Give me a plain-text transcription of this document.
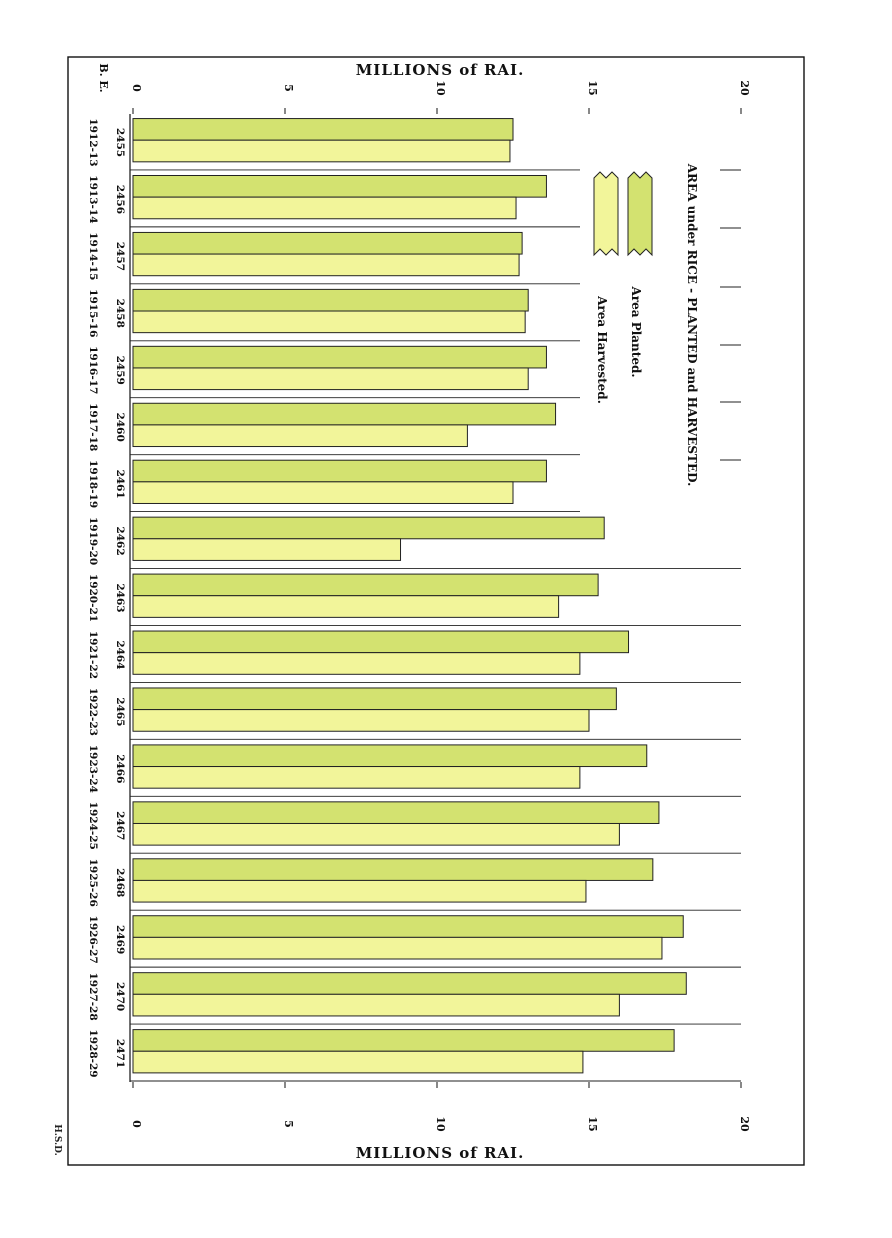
0
0
5
5
10
10
15
15
20
20
2455
1912-13
2456
1913-14
2457
1914-15
2458
1915-16
2459
1916-17
2460
1917-18
2461
1918-19
2462
1919-20
2463
1920-21
2464
1921-22
2465
1922-23
2466
1923-24
2467
1924-25
2468
1925-26
2469
1926-27
2470
1927-28
2471
1928-29
MILLIONS of RAI.
MILLIONS of RAI.
B. E.
H.S.D.
AREA under RICE - PLANTED and HARVESTED.
Area Planted.
Area Harvested.
